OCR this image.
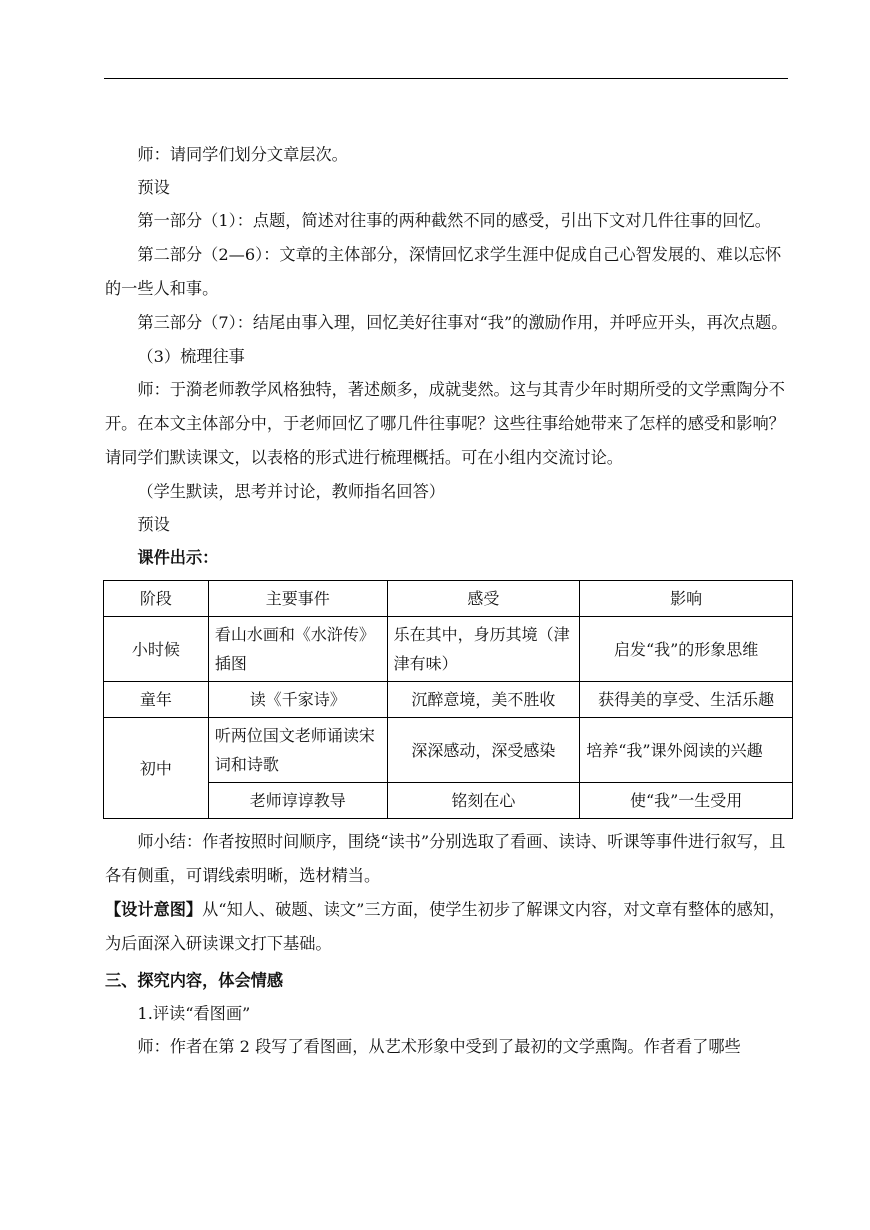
师：请同学们划分文章层次。

预设

第一部分（1）：点题，简述对往事的两种截然不同的感受，引出下文对几件往事的回忆。

第二部分（2—6）：文章的主体部分，深情回忆求学生涯中促成自己心智发展的、难以忘怀的一些人和事。

第三部分（7）：结尾由事入理，回忆美好往事对“我”的激励作用，并呼应开头，再次点题。

（3）梳理往事

师：于漪老师教学风格独特，著述颇多，成就斐然。这与其青少年时期所受的文学熏陶分不开。在本文主体部分中，于老师回忆了哪几件往事呢？这些往事给她带来了怎样的感受和影响？请同学们默读课文，以表格的形式进行梳理概括。可在小组内交流讨论。

（学生默读，思考并讨论，教师指名回答）

预设

课件出示：

阶段	主要事件	感受	影响
小时候	看山水画和《水浒传》插图	乐在其中，身历其境（津津有味）	启发“我”的形象思维
童年	读《千家诗》	沉醉意境，美不胜收	获得美的享受、生活乐趣
初中	听两位国文老师诵读宋词和诗歌	深深感动，深受感染	培养“我”课外阅读的兴趣
	老师谆谆教导	铭刻在心	使“我”一生受用

师小结：作者按照时间顺序，围绕“读书”分别选取了看画、读诗、听课等事件进行叙写，且各有侧重，可谓线索明晰，选材精当。

【设计意图】从“知人、破题、读文”三方面，使学生初步了解课文内容，对文章有整体的感知，为后面深入研读课文打下基础。

三、探究内容，体会情感

1.评读“看图画”

师：作者在第 2 段写了看图画，从艺术形象中受到了最初的文学熏陶。作者看了哪些
